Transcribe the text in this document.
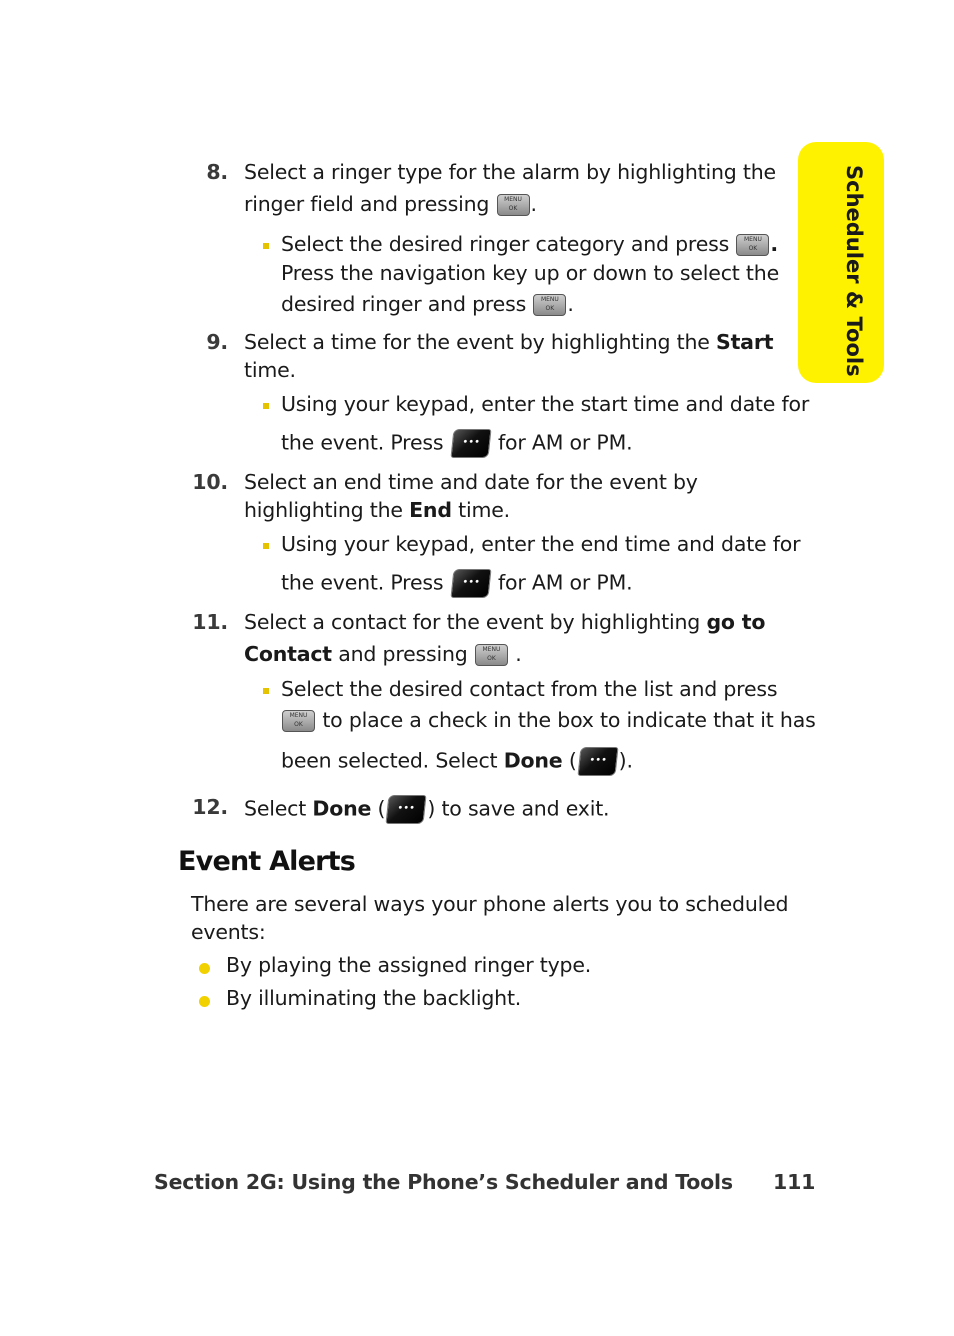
Scheduler & Tools
8. Select a ringer type for the alarm by highlighting the
ringer field and pressing MENU OK .
Select the desired ringer category and press MENU OK .
Press the navigation key up or down to select the
desired ringer and press MENU OK .
9. Select a time for the event by highlighting the Start
time.
Using your keypad, enter the start time and date for
the event. Press •••	for AM or PM.
10. Select an end time and date for the event by
highlighting the End time.
Using your keypad, enter the end time and date for
the event. Press •••	for AM or PM.
11. Select a contact for the event by highlighting go to
Contact and pressing MENU OK .
Select the desired contact from the list and press
MENU OK to place a check in the box to indicate that it has
been selected. Select Done ( ••• ).
12. Select Done ( ••• ) to save and exit.
Event Alerts
There are several ways your phone alerts you to scheduled
events:
By playing the assigned ringer type.
By illuminating the backlight.
Section 2G: Using the Phone’s Scheduler and Tools 111
